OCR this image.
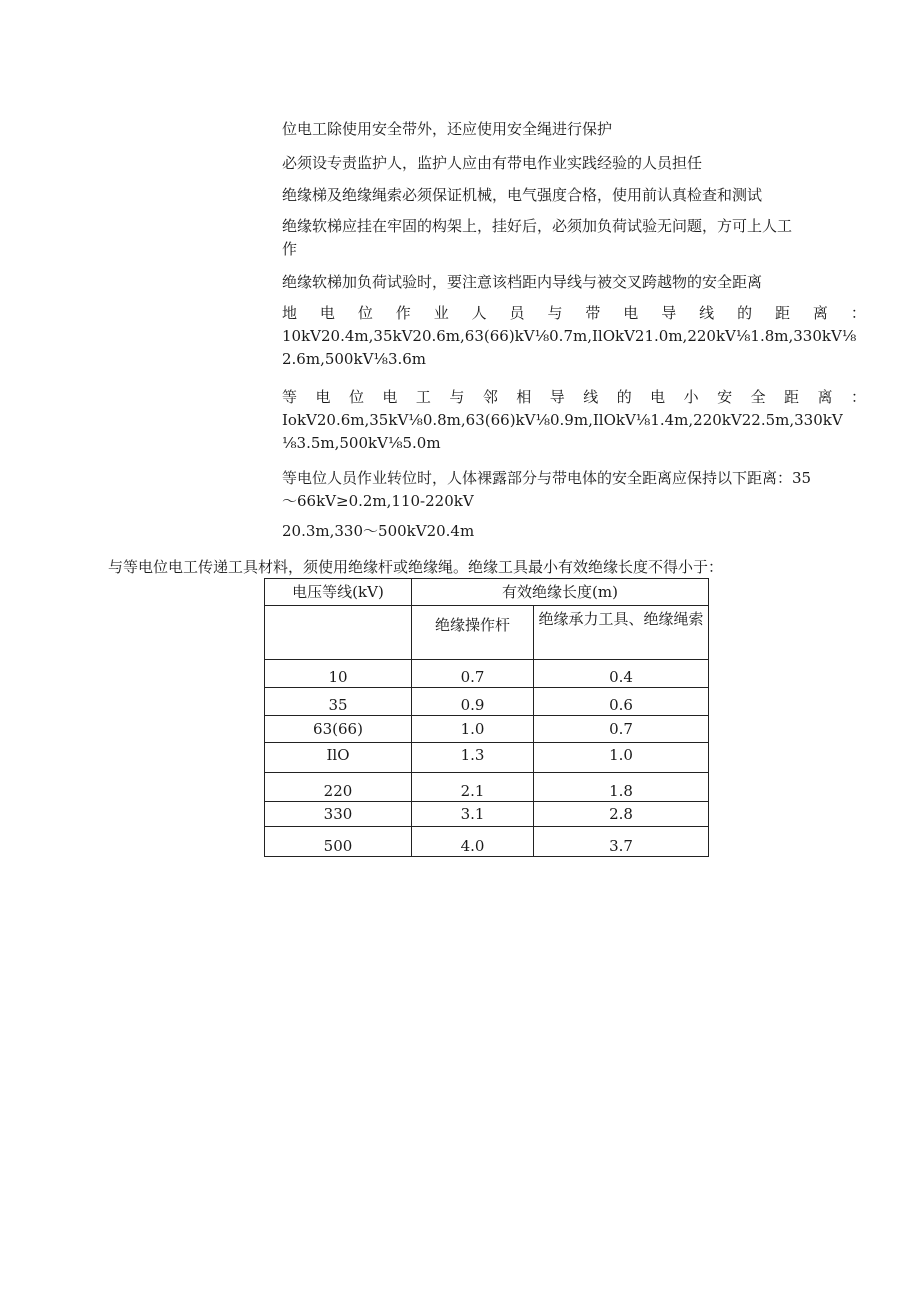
位电工除使用安全带外，还应使用安全绳进行保护

必须设专责监护人，监护人应由有带电作业实践经验的人员担任

绝缘梯及绝缘绳索必须保证机械，电气强度合格，使用前认真检查和测试

绝缘软梯应挂在牢固的构架上，挂好后，必须加负荷试验无问题，方可上人工
作

绝缘软梯加负荷试验时，要注意该档距内导线与被交叉跨越物的安全距离

地 电 位 作 业 人 员 与 带 电 导 线 的 距 离 ：
10kV20.4m,35kV20.6m,63(66)kV⅛0.7m,IlOkV21.0m,220kV⅛1.8m,330kV⅛
2.6m,500kV⅛3.6m

等 电 位 电 工 与 邻 相 导 线 的 电 小 安 全 距 离 ：
IokV20.6m,35kV⅛0.8m,63(66)kV⅛0.9m,IlOkV⅛1.4m,220kV22.5m,330kV
⅛3.5m,500kV⅛5.0m

等电位人员作业转位时，人体裸露部分与带电体的安全距离应保持以下距离：35
～66kV≥0.2m,110-220kV

20.3m,330～500kV20.4m

与等电位电工传递工具材料，须使用绝缘杆或绝缘绳。绝缘工具最小有效绝缘长度不得小于：

电压等线(kV)	有效绝缘长度(m)	
	绝缘操作杆	绝缘承力工具、绝缘绳索
10	0.7	0.4
35	0.9	0.6
63(66)	1.0	0.7
IlO	1.3	1.0
220	2.1	1.8
330	3.1	2.8
500	4.0	3.7
